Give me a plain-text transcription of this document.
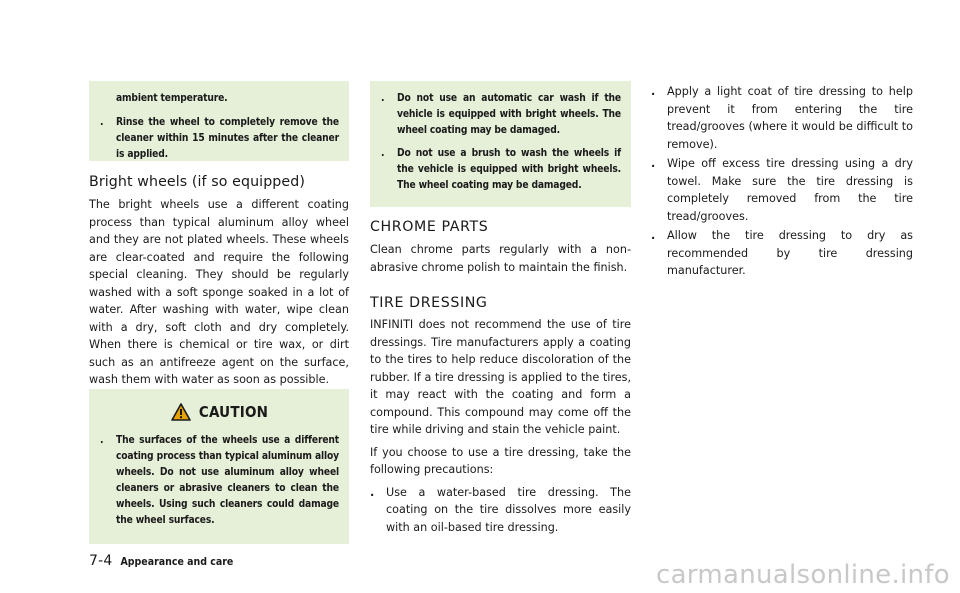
ambient temperature.
.	Rinse the wheel to completely remove the cleaner within 15 minutes after the cleaner is applied.
Bright wheels (if so equipped)

The bright wheels use a different coating process than typical aluminum alloy wheel and they are not plated wheels. These wheels are clear-coated and require the following special cleaning. They should be regularly washed with a soft sponge soaked in a lot of water. After washing with water, wipe clean with a dry, soft cloth and dry completely. When there is chemical or tire wax, or dirt such as an antifreeze agent on the surface, wash them with water as soon as possible.

CAUTION
.	The surfaces of the wheels use a different coating process than typical aluminum alloy wheels. Do not use aluminum alloy wheel cleaners or abrasive cleaners to clean the wheels. Using such cleaners could damage the wheel surfaces.
.	Do not use an automatic car wash if the vehicle is equipped with bright wheels. The wheel coating may be damaged.
.	Do not use a brush to wash the wheels if the vehicle is equipped with bright wheels. The wheel coating may be damaged.
CHROME PARTS

Clean chrome parts regularly with a non-abrasive chrome polish to maintain the finish.

TIRE DRESSING

INFINITI does not recommend the use of tire dressings. Tire manufacturers apply a coating to the tires to help reduce discoloration of the rubber. If a tire dressing is applied to the tires, it may react with the coating and form a compound. This compound may come off the tire while driving and stain the vehicle paint.

If you choose to use a tire dressing, take the following precautions:

.	Use a water-based tire dressing. The coating on the tire dissolves more easily with an oil-based tire dressing.
.	Apply a light coat of tire dressing to help prevent it from entering the tire tread/grooves (where it would be difficult to remove).
.	Wipe off excess tire dressing using a dry towel. Make sure the tire dressing is completely removed from the tire tread/grooves.
.	Allow the tire dressing to dry as recommended by tire dressing manufacturer.
7-4 Appearance and care	carmanualsonline.info
